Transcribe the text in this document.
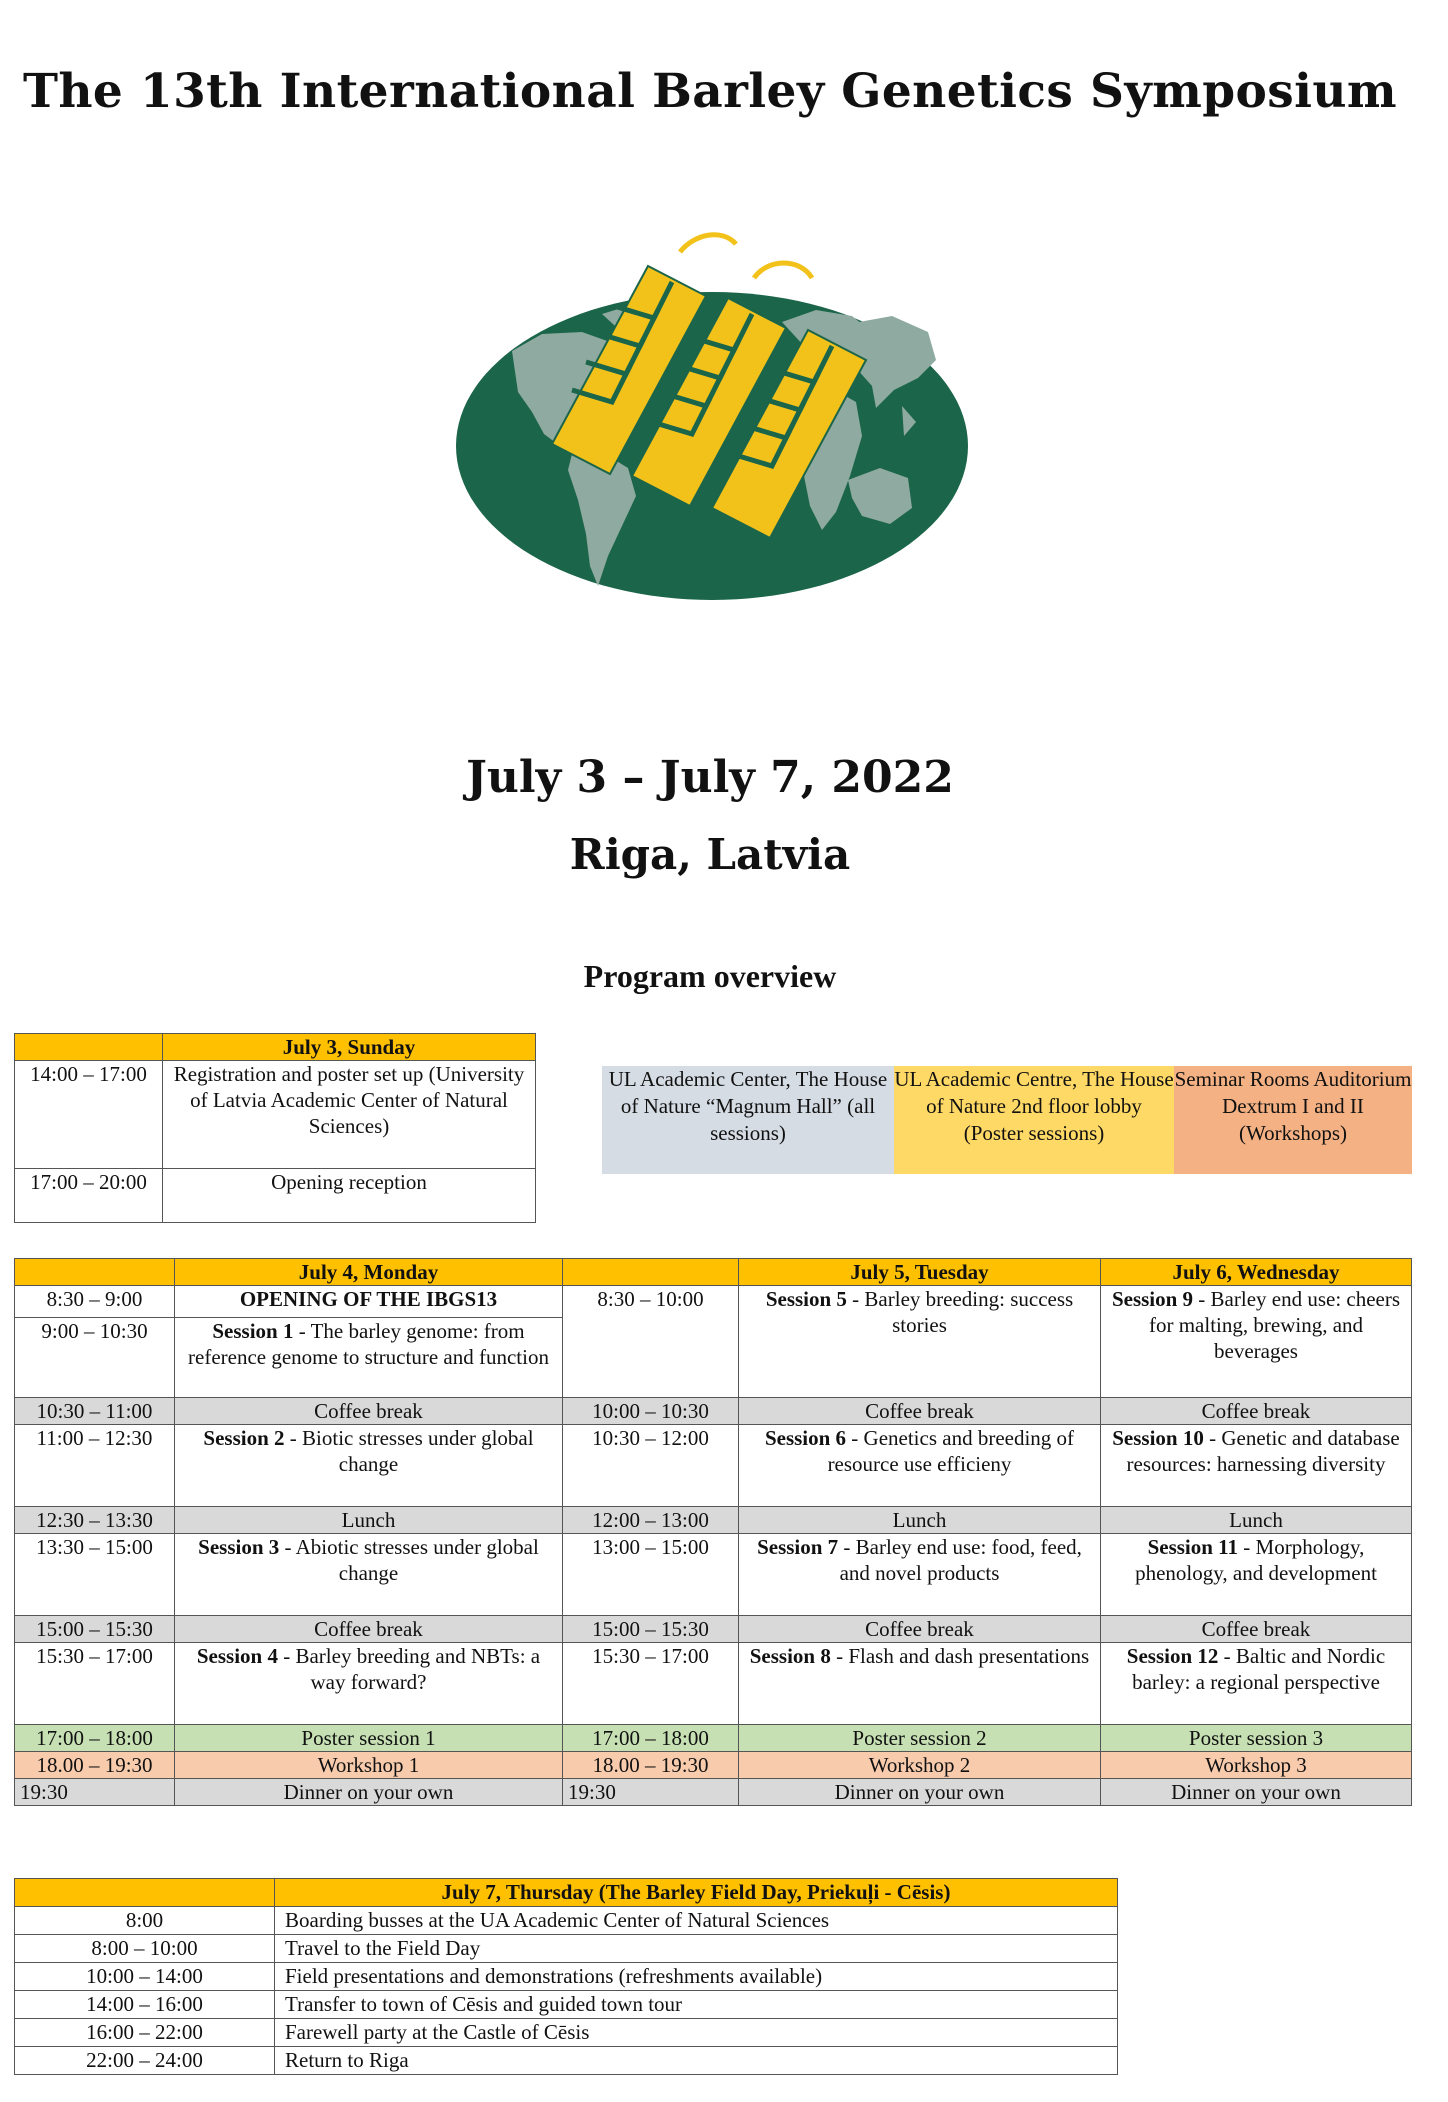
The 13th International Barley Genetics Symposium
July 3 – July 7, 2022
Riga, Latvia
Program overview
	July 3, Sunday
14:00 – 17:00	Registration and poster set up (University of Latvia Academic Center of Natural Sciences)
17:00 – 20:00	Opening reception
UL Academic Center, The House of Nature “Magnum Hall” (all sessions)
UL Academic Centre, The House of Nature 2nd floor lobby (Poster sessions)
Seminar Rooms Auditorium Dextrum I and II (Workshops)
	July 4, Monday		July 5, Tuesday	July 6, Wednesday
8:30 – 9:00	OPENING OF THE IBGS13	8:30 – 10:00	Session 5 - Barley breeding: success stories	Session 9 - Barley end use: cheers for malting, brewing, and beverages
9:00 – 10:30	Session 1 - The barley genome: from reference genome to structure and function			
10:30 – 11:00	Coffee break	10:00 – 10:30	Coffee break	Coffee break
11:00 – 12:30	Session 2 - Biotic stresses under global change	10:30 – 12:00	Session 6 - Genetics and breeding of resource use efficieny	Session 10 - Genetic and database resources: harnessing diversity
12:30 – 13:30	Lunch	12:00 – 13:00	Lunch	Lunch
13:30 – 15:00	Session 3 - Abiotic stresses under global change	13:00 – 15:00	Session 7 - Barley end use: food, feed, and novel products	Session 11 - Morphology, phenology, and development
15:00 – 15:30	Coffee break	15:00 – 15:30	Coffee break	Coffee break
15:30 – 17:00	Session 4 - Barley breeding and NBTs: a way forward?	15:30 – 17:00	Session 8 - Flash and dash presentations	Session 12 - Baltic and Nordic barley: a regional perspective
17:00 – 18:00	Poster session 1	17:00 – 18:00	Poster session 2	Poster session 3
18.00 – 19:30	Workshop 1	18.00 – 19:30	Workshop 2	Workshop 3
19:30	Dinner on your own	19:30	Dinner on your own	Dinner on your own
	July 7, Thursday (The Barley Field Day, Priekuļi - Cēsis)
8:00	Boarding busses at the UA Academic Center of Natural Sciences
8:00 – 10:00	Travel to the Field Day
10:00 – 14:00	Field presentations and demonstrations (refreshments available)
14:00 – 16:00	Transfer to town of Cēsis and guided town tour
16:00 – 22:00	Farewell party at the Castle of Cēsis
22:00 – 24:00	Return to Riga
